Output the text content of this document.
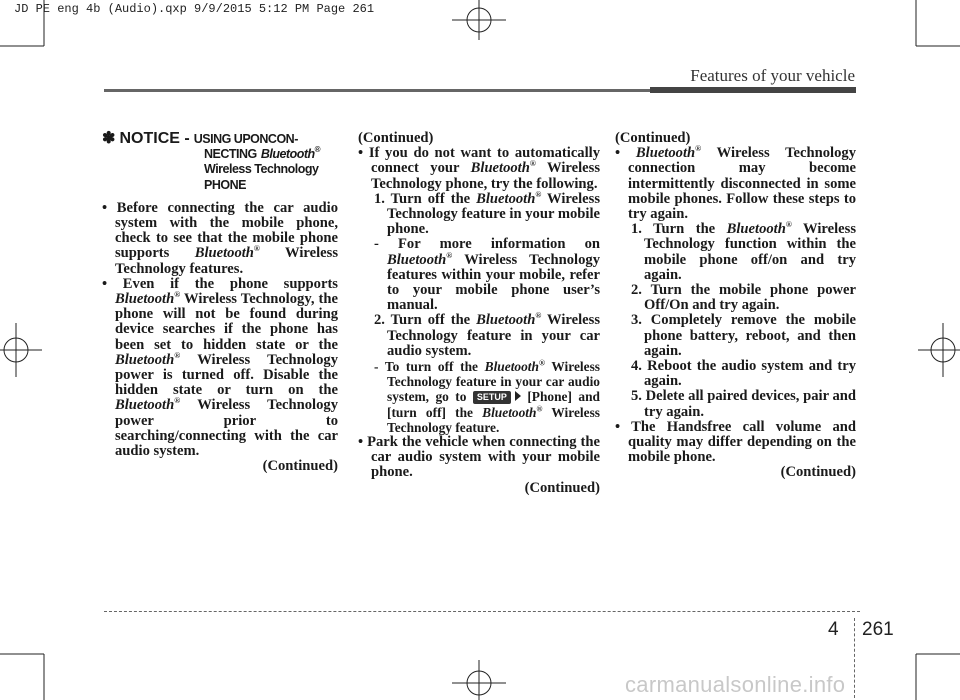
JD PE eng 4b (Audio).qxp 9/9/2015 5:12 PM Page 261
Features of your vehicle
✽ NOTICE - USING UPONCON-
NECTING Bluetooth®
Wireless Technology
PHONE

• Before connecting the car audio system with the mobile phone, check to see that the mobile phone supports Bluetooth® Wireless Technology features.

• Even if the phone supports Bluetooth® Wireless Technology, the phone will not be found during device searches if the phone has been set to hidden state or the Bluetooth® Wireless Technology power is turned off. Disable the hidden state or turn on the Bluetooth® Wireless Technology power prior to searching/connecting with the car audio system.

(Continued)

(Continued)

• If you do not want to automatically connect your Bluetooth® Wireless Technology phone, try the following.

1. Turn off the Bluetooth® Wireless Technology feature in your mobile phone.

- For more information on Bluetooth® Wireless Technology features within your mobile, refer to your mobile phone user’s manual.

2. Turn off the Bluetooth® Wireless Technology feature in your car audio system.

- To turn off the Bluetooth® Wireless Technology feature in your car audio system, go to SETUP [Phone] and [turn off] the Bluetooth® Wireless Technology feature.

• Park the vehicle when connecting the car audio system with your mobile phone.

(Continued)

(Continued)

• Bluetooth® Wireless Technology connection may become intermittently disconnected in some mobile phones. Follow these steps to try again.

1. Turn the Bluetooth® Wireless Technology function within the mobile phone off/on and try again.

2. Turn the mobile phone power Off/On and try again.

3. Completely remove the mobile phone battery, reboot, and then again.

4. Reboot the audio system and try again.

5. Delete all paired devices, pair and try again.

• The Handsfree call volume and quality may differ depending on the mobile phone.

(Continued)

4 261
carmanualsonline.info
